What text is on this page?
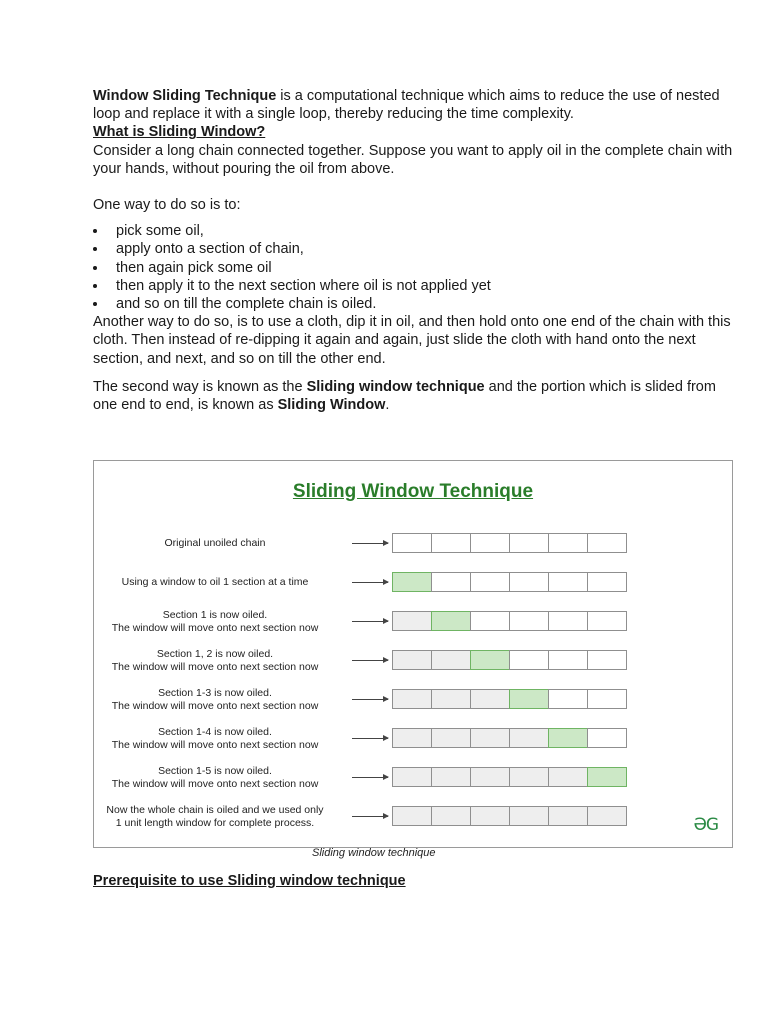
Window Sliding Technique is a computational technique which aims to reduce the use of nested loop and replace it with a single loop, thereby reducing the time complexity.

What is Sliding Window?

Consider a long chain connected together. Suppose you want to apply oil in the complete chain with your hands, without pouring the oil from above.

One way to do so is to:

pick some oil,
apply onto a section of chain,
then again pick some oil
then apply it to the next section where oil is not applied yet
and so on till the complete chain is oiled.

Another way to do so, is to use a cloth, dip it in oil, and then hold onto one end of the chain with this cloth. Then instead of re-dipping it again and again, just slide the cloth with hand onto the next section, and next, and so on till the other end.

The second way is known as the Sliding window technique and the portion which is slided from one end to end, is known as Sliding Window.

Sliding Window Technique
Original unoiled chain
Using a window to oil 1 section at a time
Section 1 is now oiled.
The window will move onto next section now
Section 1, 2 is now oiled.
The window will move onto next section now
Section 1-3 is now oiled.
The window will move onto next section now
Section 1-4 is now oiled.
The window will move onto next section now
Section 1-5 is now oiled.
The window will move onto next section now
Now the whole chain is oiled and we used only
1 unit length window for complete process.	ƏG
Sliding window technique
Prerequisite to use Sliding window technique
